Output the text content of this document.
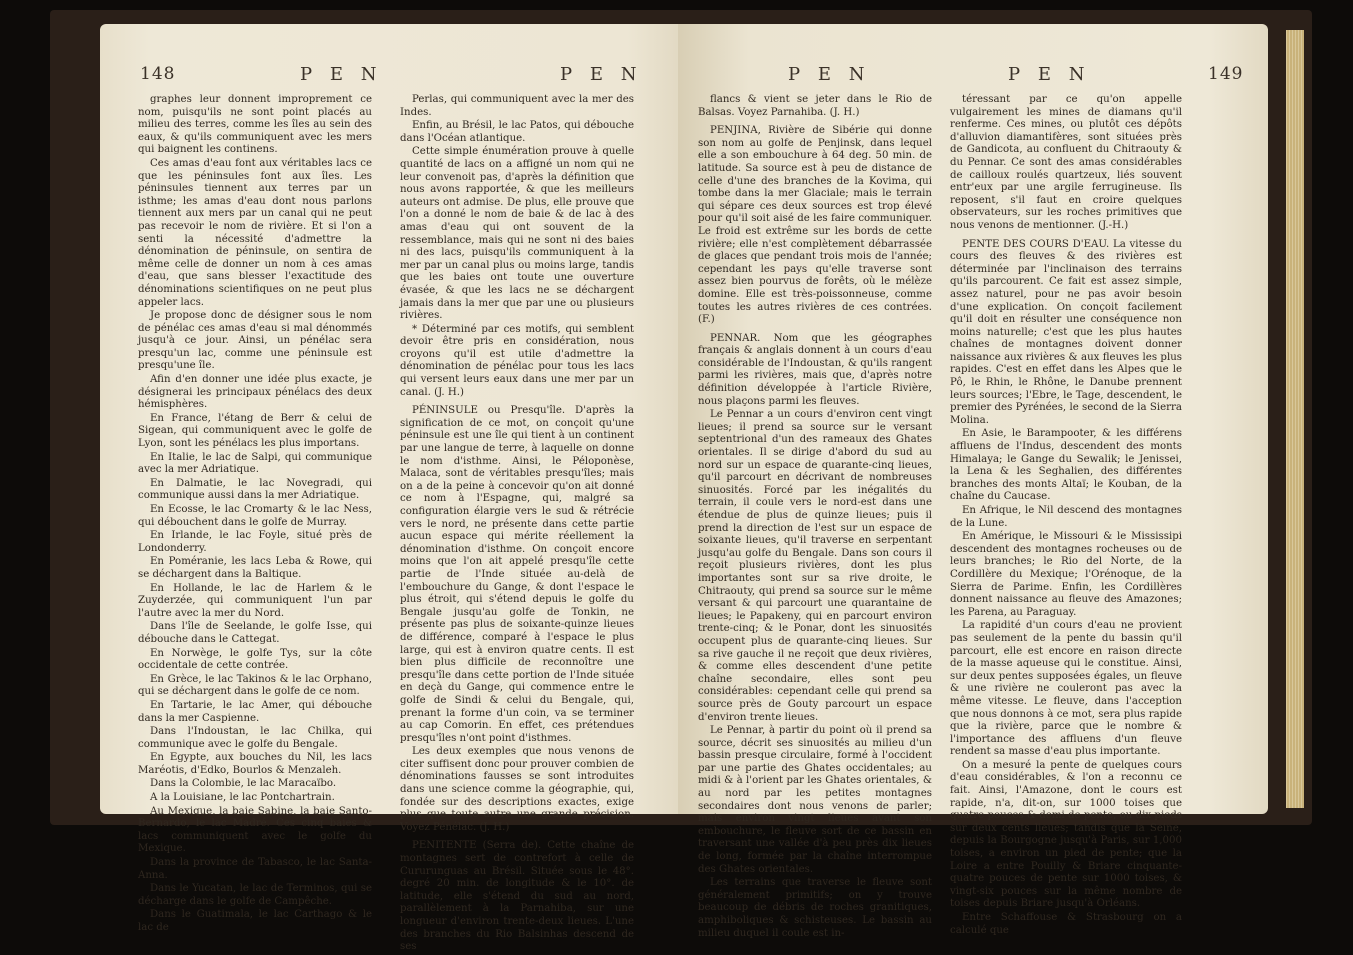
148	P E N	P E N

graphes leur donnent improprement ce nom, puisqu'ils ne sont point placés au milieu des terres, comme les îles au sein des eaux, & qu'ils communiquent avec les mers qui baignent les continens.

Ces amas d'eau font aux véritables lacs ce que les péninsules font aux îles. Les péninsules tiennent aux terres par un isthme; les amas d'eau dont nous parlons tiennent aux mers par un canal qui ne peut pas recevoir le nom de rivière. Et si l'on a senti la nécessité d'admettre la dénomination de péninsule, on sentira de même celle de donner un nom à ces amas d'eau, que sans blesser l'exactitude des dénominations scientifiques on ne peut plus appeler lacs.

Je propose donc de désigner sous le nom de pénélac ces amas d'eau si mal dénommés jusqu'à ce jour. Ainsi, un pénélac sera presqu'un lac, comme une péninsule est presqu'une île.

Afin d'en donner une idée plus exacte, je désignerai les principaux pénélacs des deux hémisphères.

En France, l'étang de Berr & celui de Sigean, qui communiquent avec le golfe de Lyon, sont les pénélacs les plus importans.

En Italie, le lac de Salpi, qui communique avec la mer Adriatique.

En Dalmatie, le lac Novegradi, qui communique aussi dans la mer Adriatique.

En Ecosse, le lac Cromarty & le lac Ness, qui débouchent dans le golfe de Murray.

En Irlande, le lac Foyle, situé près de Londonderry.

En Poméranie, les lacs Leba & Rowe, qui se déchargent dans la Baltique.

En Hollande, le lac de Harlem & le Zuyderzée, qui communiquent l'un par l'autre avec la mer du Nord.

Dans l'île de Seelande, le golfe Isse, qui débouche dans le Cattegat.

En Norwège, le golfe Tys, sur la côte occidentale de cette contrée.

En Grèce, le lac Takinos & le lac Orphano, qui se déchargent dans le golfe de ce nom.

En Tartarie, le lac Amer, qui débouche dans la mer Caspienne.

Dans l'Indoustan, le lac Chilka, qui communique avec le golfe du Bengale.

En Egypte, aux bouches du Nil, les lacs Maréotis, d'Edko, Bourlos & Menzaleh.

Dans la Colombie, le lac Maracaïbo.

A la Louisiane, le lac Pontchartrain.

Au Mexique, la baie Sabine, la baie Santo-Bernardo, le lac Madré. Ces cinq baies & lacs communiquent avec le golfe du Mexique.

Dans la province de Tabasco, le lac Santa-Anna.

Dans le Yucatan, le lac de Terminos, qui se décharge dans le golfe de Campêche.

Dans le Guatimala, le lac Carthago & le lac de

Perlas, qui communiquent avec la mer des Indes.

Enfin, au Brésil, le lac Patos, qui débouche dans l'Océan atlantique.

Cette simple énumération prouve à quelle quantité de lacs on a affigné un nom qui ne leur convenoit pas, d'après la définition que nous avons rapportée, & que les meilleurs auteurs ont admise. De plus, elle prouve que l'on a donné le nom de baie & de lac à des amas d'eau qui ont souvent de la ressemblance, mais qui ne sont ni des baies ni des lacs, puisqu'ils communiquent à la mer par un canal plus ou moins large, tandis que les baies ont toute une ouverture évasée, & que les lacs ne se déchargent jamais dans la mer que par une ou plusieurs rivières.

* Déterminé par ces motifs, qui semblent devoir être pris en considération, nous croyons qu'il est utile d'admettre la dénomination de pénélac pour tous les lacs qui versent leurs eaux dans une mer par un canal. (J. H.)

PÉNINSULE ou Presqu'île. D'après la signification de ce mot, on conçoit qu'une péninsule est une île qui tient à un continent par une langue de terre, à laquelle on donne le nom d'isthme. Ainsi, le Péloponèse, Malaca, sont de véritables presqu'îles; mais on a de la peine à concevoir qu'on ait donné ce nom à l'Espagne, qui, malgré sa configuration élargie vers le sud & rétrécie vers le nord, ne présente dans cette partie aucun espace qui mérite réellement la dénomination d'isthme. On conçoit encore moins que l'on ait appelé presqu'île cette partie de l'Inde située au-delà de l'embouchure du Gange, & dont l'espace le plus étroit, qui s'étend depuis le golfe du Bengale jusqu'au golfe de Tonkin, ne présente pas plus de soixante-quinze lieues de différence, comparé à l'espace le plus large, qui est à environ quatre cents. Il est bien plus difficile de reconnoître une presqu'île dans cette portion de l'Inde située en deçà du Gange, qui commence entre le golfe de Sindi & celui du Bengale, qui, prenant la forme d'un coin, va se terminer au cap Comorin. En effet, ces prétendues presqu'îles n'ont point d'isthmes.

Les deux exemples que nous venons de citer suffisent donc pour prouver combien de dénominations fausses se sont introduites dans une science comme la géographie, qui, fondée sur des descriptions exactes, exige plus que toute autre une grande précision. Voyez Pénélac. (J. H.)

PENITENTE (Serra de). Cette chaîne de montagnes sert de contrefort à celle de Cururunguas au Brésil. Située sous le 48°. degré 20 min. de longitude & le 10°. de latitude, elle s'étend du sud au nord, parallèlement à la Parnahiba, sur une longueur d'environ trente-deux lieues. L'une des branches du Rio Balsinhas descend de ses

P E N	P E N	149

flancs & vient se jeter dans le Rio de Balsas. Voyez Parnahiba. (J. H.)

PENJINA, Rivière de Sibérie qui donne son nom au golfe de Penjinsk, dans lequel elle a son embouchure à 64 deg. 50 min. de latitude. Sa source est à peu de distance de celle d'une des branches de la Kovima, qui tombe dans la mer Glaciale; mais le terrain qui sépare ces deux sources est trop élevé pour qu'il soit aisé de les faire communiquer. Le froid est extrême sur les bords de cette rivière; elle n'est complètement débarrassée de glaces que pendant trois mois de l'année; cependant les pays qu'elle traverse sont assez bien pourvus de forêts, où le mélèze domine. Elle est très-poissonneuse, comme toutes les autres rivières de ces contrées. (F.)

PENNAR. Nom que les géographes français & anglais donnent à un cours d'eau considérable de l'Indoustan, & qu'ils rangent parmi les rivières, mais que, d'après notre définition développée à l'article Rivière, nous plaçons parmi les fleuves.

Le Pennar a un cours d'environ cent vingt lieues; il prend sa source sur le versant septentrional d'un des rameaux des Ghates orientales. Il se dirige d'abord du sud au nord sur un espace de quarante-cinq lieues, qu'il parcourt en décrivant de nombreuses sinuosités. Forcé par les inégalités du terrain, il coule vers le nord-est dans une étendue de plus de quinze lieues; puis il prend la direction de l'est sur un espace de soixante lieues, qu'il traverse en serpentant jusqu'au golfe du Bengale. Dans son cours il reçoit plusieurs rivières, dont les plus importantes sont sur sa rive droite, le Chitraouty, qui prend sa source sur le même versant & qui parcourt une quarantaine de lieues; le Papakeny, qui en parcourt environ trente-cinq; & le Ponar, dont les sinuosités occupent plus de quarante-cinq lieues. Sur sa rive gauche il ne reçoit que deux rivières, & comme elles descendent d'une petite chaîne secondaire, elles sont peu considérables: cependant celle qui prend sa source près de Gouty parcourt un espace d'environ trente lieues.

Le Pennar, à partir du point où il prend sa source, décrit ses sinuosités au milieu d'un bassin presque circulaire, formé à l'occident par une partie des Ghates occidentales; au midi & à l'orient par les Ghates orientales, & au nord par les petites montagnes secondaires dont nous venons de parler; mais environ vingt lieues avant son embouchure, le fleuve sort de ce bassin en traversant une vallée d'à peu près dix lieues de long, formée par la chaîne interrompue des Ghates orientales.

Les terrains que traverse le fleuve sont généralement primitifs; on y trouve beaucoup de débris de roches granitiques, amphiboliques & schisteuses. Le bassin au milieu duquel il coule est in-

téressant par ce qu'on appelle vulgairement les mines de diamans qu'il renferme. Ces mines, ou plutôt ces dépôts d'alluvion diamantifères, sont situées près de Gandicota, au confluent du Chitraouty & du Pennar. Ce sont des amas considérables de cailloux roulés quartzeux, liés souvent entr'eux par une argile ferrugineuse. Ils reposent, s'il faut en croire quelques observateurs, sur les roches primitives que nous venons de mentionner. (J.-H.)

PENTE DES COURS D'EAU. La vitesse du cours des fleuves & des rivières est déterminée par l'inclinaison des terrains qu'ils parcourent. Ce fait est assez simple, assez naturel, pour ne pas avoir besoin d'une explication. On conçoit facilement qu'il doit en résulter une conséquence non moins naturelle; c'est que les plus hautes chaînes de montagnes doivent donner naissance aux rivières & aux fleuves les plus rapides. C'est en effet dans les Alpes que le Pô, le Rhin, le Rhône, le Danube prennent leurs sources; l'Ebre, le Tage, descendent, le premier des Pyrénées, le second de la Sierra Molina.

En Asie, le Barampooter, & les différens affluens de l'Indus, descendent des monts Himalaya; le Gange du Sewalik; le Jenissei, la Lena & les Seghalien, des différentes branches des monts Altaï; le Kouban, de la chaîne du Caucase.

En Afrique, le Nil descend des montagnes de la Lune.

En Amérique, le Missouri & le Mississipi descendent des montagnes rocheuses ou de leurs branches; le Rio del Norte, de la Cordillère du Mexique; l'Orénoque, de la Sierra de Parime. Enfin, les Cordillères donnent naissance au fleuve des Amazones; les Parena, au Paraguay.

La rapidité d'un cours d'eau ne provient pas seulement de la pente du bassin qu'il parcourt, elle est encore en raison directe de la masse aqueuse qui le constitue. Ainsi, sur deux pentes supposées égales, un fleuve & une rivière ne couleront pas avec la même vitesse. Le fleuve, dans l'acception que nous donnons à ce mot, sera plus rapide que la rivière, parce que le nombre & l'importance des affluens d'un fleuve rendent sa masse d'eau plus importante.

On a mesuré la pente de quelques cours d'eau considérables, & l'on a reconnu ce fait. Ainsi, l'Amazone, dont le cours est rapide, n'a, dit-on, sur 1000 toises que quatre pouces & demi de pente, ou dix pieds sur deux cents lieues; tandis que la Seine, depuis la Bourgogne jusqu'à Paris, sur 1,000 toises, a environ un pied de pente; que la Loire a entre Pouilly & Briare cinquante-quatre pouces de pente sur 1000 toises, & vingt-six pouces sur la même nombre de toises depuis Briare jusqu'à Orléans.

Entre Schaffouse & Strasbourg on a calculé que
